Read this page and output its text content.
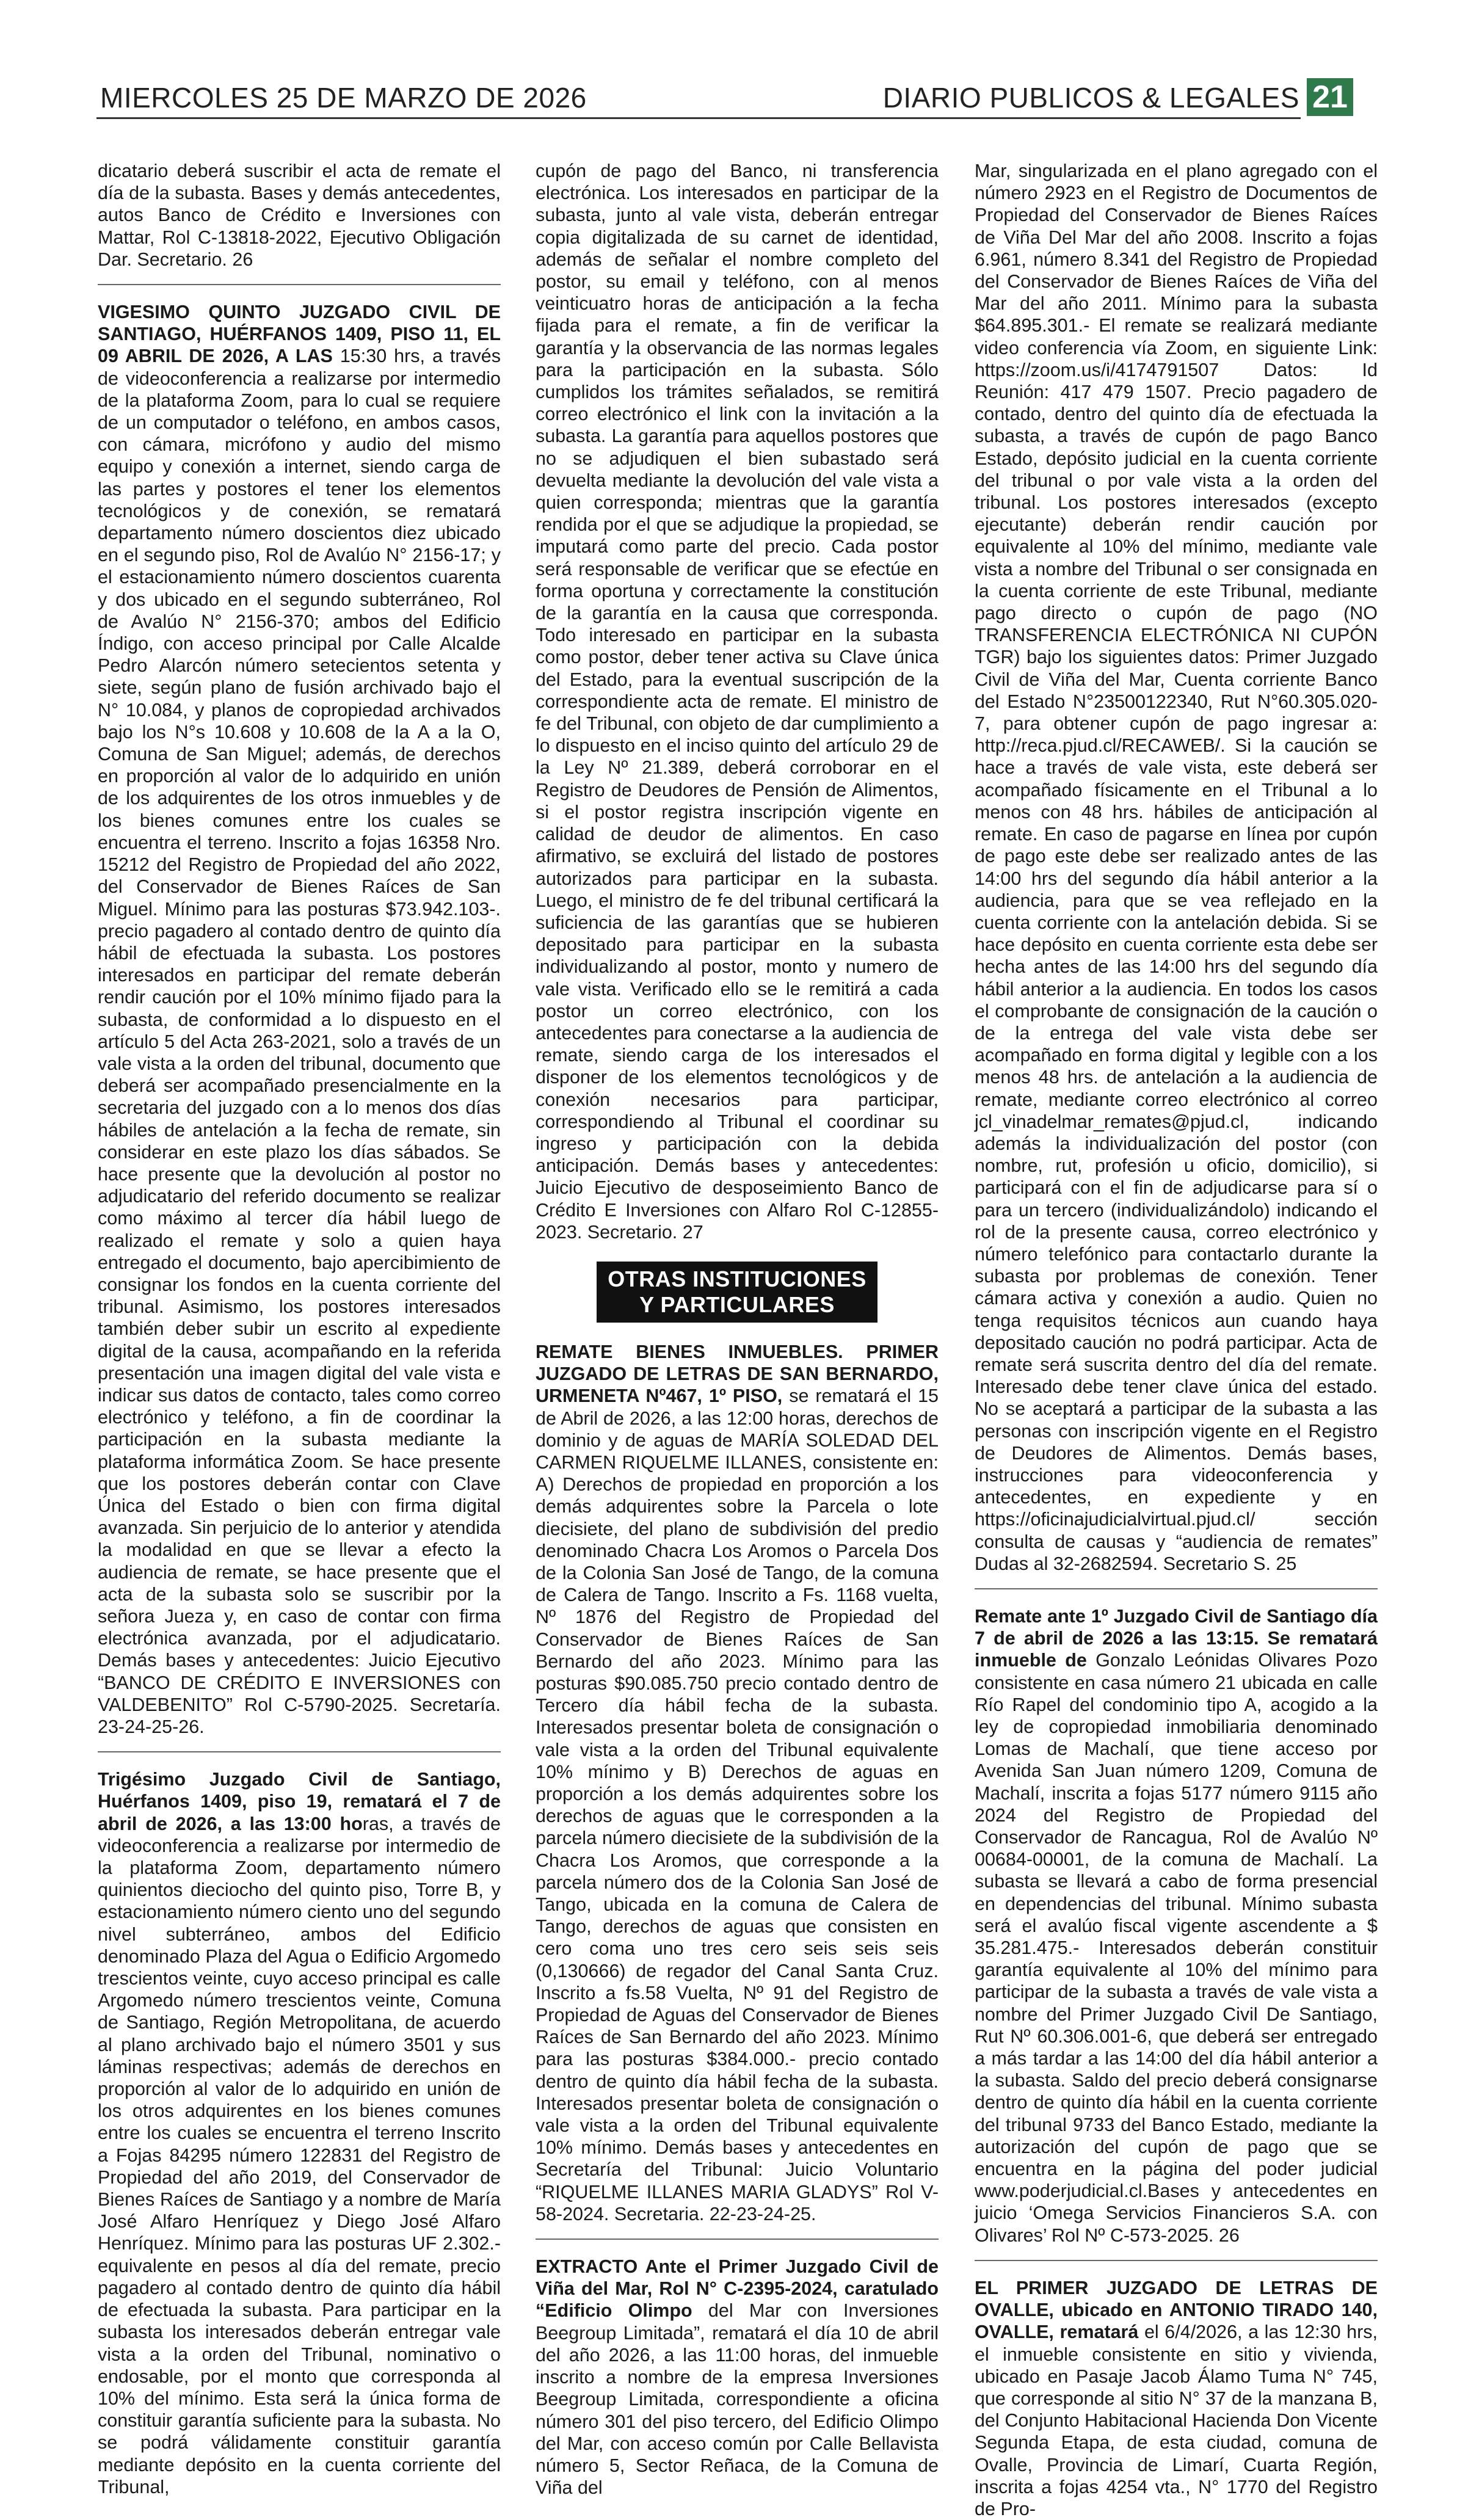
MIERCOLES 25 DE MARZO DE 2026	DIARIO PUBLICOS & LEGALES 21

dicatario deberá suscribir el acta de remate el día de la subasta. Bases y demás antecedentes, autos Banco de Crédito e Inversiones con Mattar, Rol C-13818-2022, Ejecutivo Obligación Dar. Secretario. 26

VIGESIMO QUINTO JUZGADO CIVIL DE SANTIAGO, HUÉRFANOS 1409, PISO 11, EL 09 ABRIL DE 2026, A LAS 15:30 hrs, a través de videoconferencia a realizarse por intermedio de la plataforma Zoom, para lo cual se requiere de un computador o teléfono, en ambos casos, con cámara, micrófono y audio del mismo equipo y conexión a internet, siendo carga de las partes y postores el tener los elementos tecnológicos y de conexión, se rematará departamento número doscientos diez ubicado en el segundo piso, Rol de Avalúo N° 2156-17; y el estacionamiento número doscientos cuarenta y dos ubicado en el segundo subterráneo, Rol de Avalúo N° 2156-370; ambos del Edificio Índigo, con acceso principal por Calle Alcalde Pedro Alarcón número setecientos setenta y siete, según plano de fusión archivado bajo el N° 10.084, y planos de copropiedad archivados bajo los N°s 10.608 y 10.608 de la A a la O, Comuna de San Miguel; además, de derechos en proporción al valor de lo adquirido en unión de los adquirentes de los otros inmuebles y de los bienes comunes entre los cuales se encuentra el terreno. Inscrito a fojas 16358 Nro. 15212 del Registro de Propiedad del año 2022, del Conservador de Bienes Raíces de San Miguel. Mínimo para las posturas $73.942.103-. precio pagadero al contado dentro de quinto día hábil de efectuada la subasta. Los postores interesados en participar del remate deberán rendir caución por el 10% mínimo fijado para la subasta, de conformidad a lo dispuesto en el artículo 5 del Acta 263-2021, solo a través de un vale vista a la orden del tribunal, documento que deberá ser acompañado presencialmente en la secretaria del juzgado con a lo menos dos días hábiles de antelación a la fecha de remate, sin considerar en este plazo los días sábados. Se hace presente que la devolución al postor no adjudicatario del referido documento se realizar como máximo al tercer día hábil luego de realizado el remate y solo a quien haya entregado el documento, bajo apercibimiento de consignar los fondos en la cuenta corriente del tribunal. Asimismo, los postores interesados también deber subir un escrito al expediente digital de la causa, acompañando en la referida presentación una imagen digital del vale vista e indicar sus datos de contacto, tales como correo electrónico y teléfono, a fin de coordinar la participación en la subasta mediante la plataforma informática Zoom. Se hace presente que los postores deberán contar con Clave Única del Estado o bien con firma digital avanzada. Sin perjuicio de lo anterior y atendida la modalidad en que se llevar a efecto la audiencia de remate, se hace presente que el acta de la subasta solo se suscribir por la señora Jueza y, en caso de contar con firma electrónica avanzada, por el adjudicatario. Demás bases y antecedentes: Juicio Ejecutivo “BANCO DE CRÉDITO E INVERSIONES con VALDEBENITO” Rol C-5790-2025. Secretaría. 23-24-25-26.

Trigésimo Juzgado Civil de Santiago, Huérfanos 1409, piso 19, rematará el 7 de abril de 2026, a las 13:00 horas, a través de videoconferencia a realizarse por intermedio de la plataforma Zoom, departamento número quinientos dieciocho del quinto piso, Torre B, y estacionamiento número ciento uno del segundo nivel subterráneo, ambos del Edificio denominado Plaza del Agua o Edificio Argomedo trescientos veinte, cuyo acceso principal es calle Argomedo número trescientos veinte, Comuna de Santiago, Región Metropolitana, de acuerdo al plano archivado bajo el número 3501 y sus láminas respectivas; además de derechos en proporción al valor de lo adquirido en unión de los otros adquirentes en los bienes comunes entre los cuales se encuentra el terreno Inscrito a Fojas 84295 número 122831 del Registro de Propiedad del año 2019, del Conservador de Bienes Raíces de Santiago y a nombre de María José Alfaro Henríquez y Diego José Alfaro Henríquez. Mínimo para las posturas UF 2.302.- equivalente en pesos al día del remate, precio pagadero al contado dentro de quinto día hábil de efectuada la subasta. Para participar en la subasta los interesados deberán entregar vale vista a la orden del Tribunal, nominativo o endosable, por el monto que corresponda al 10% del mínimo. Esta será la única forma de constituir garantía suficiente para la subasta. No se podrá válidamente constituir garantía mediante depósito en la cuenta corriente del Tribunal,

cupón de pago del Banco, ni transferencia electrónica. Los interesados en participar de la subasta, junto al vale vista, deberán entregar copia digitalizada de su carnet de identidad, además de señalar el nombre completo del postor, su email y teléfono, con al menos veinticuatro horas de anticipación a la fecha fijada para el remate, a fin de verificar la garantía y la observancia de las normas legales para la participación en la subasta. Sólo cumplidos los trámites señalados, se remitirá correo electrónico el link con la invitación a la subasta. La garantía para aquellos postores que no se adjudiquen el bien subastado será devuelta mediante la devolución del vale vista a quien corresponda; mientras que la garantía rendida por el que se adjudique la propiedad, se imputará como parte del precio. Cada postor será responsable de verificar que se efectúe en forma oportuna y correctamente la constitución de la garantía en la causa que corresponda. Todo interesado en participar en la subasta como postor, deber tener activa su Clave única del Estado, para la eventual suscripción de la correspondiente acta de remate. El ministro de fe del Tribunal, con objeto de dar cumplimiento a lo dispuesto en el inciso quinto del artículo 29 de la Ley Nº 21.389, deberá corroborar en el Registro de Deudores de Pensión de Alimentos, si el postor registra inscripción vigente en calidad de deudor de alimentos. En caso afirmativo, se excluirá del listado de postores autorizados para participar en la subasta. Luego, el ministro de fe del tribunal certificará la suficiencia de las garantías que se hubieren depositado para participar en la subasta individualizando al postor, monto y numero de vale vista. Verificado ello se le remitirá a cada postor un correo electrónico, con los antecedentes para conectarse a la audiencia de remate, siendo carga de los interesados el disponer de los elementos tecnológicos y de conexión necesarios para participar, correspondiendo al Tribunal el coordinar su ingreso y participación con la debida anticipación. Demás bases y antecedentes: Juicio Ejecutivo de desposeimiento Banco de Crédito E Inversiones con Alfaro Rol C-12855-2023. Secretario. 27

OTRAS INSTITUCIONES
Y PARTICULARES

REMATE BIENES INMUEBLES. PRIMER JUZGADO DE LETRAS DE SAN BERNARDO, URMENETA Nº467, 1º PISO, se rematará el 15 de Abril de 2026, a las 12:00 horas, derechos de dominio y de aguas de MARÍA SOLEDAD DEL CARMEN RIQUELME ILLANES, consistente en: A) Derechos de propiedad en proporción a los demás adquirentes sobre la Parcela o lote diecisiete, del plano de subdivisión del predio denominado Chacra Los Aromos o Parcela Dos de la Colonia San José de Tango, de la comuna de Calera de Tango. Inscrito a Fs. 1168 vuelta, Nº 1876 del Registro de Propiedad del Conservador de Bienes Raíces de San Bernardo del año 2023. Mínimo para las posturas $90.085.750 precio contado dentro de Tercero día hábil fecha de la subasta. Interesados presentar boleta de consignación o vale vista a la orden del Tribunal equivalente 10% mínimo y B) Derechos de aguas en proporción a los demás adquirentes sobre los derechos de aguas que le corresponden a la parcela número diecisiete de la subdivisión de la Chacra Los Aromos, que corresponde a la parcela número dos de la Colonia San José de Tango, ubicada en la comuna de Calera de Tango, derechos de aguas que consisten en cero coma uno tres cero seis seis seis (0,130666) de regador del Canal Santa Cruz. Inscrito a fs.58 Vuelta, Nº 91 del Registro de Propiedad de Aguas del Conservador de Bienes Raíces de San Bernardo del año 2023. Mínimo para las posturas $384.000.- precio contado dentro de quinto día hábil fecha de la subasta. Interesados presentar boleta de consignación o vale vista a la orden del Tribunal equivalente 10% mínimo. Demás bases y antecedentes en Secretaría del Tribunal: Juicio Voluntario “RIQUELME ILLANES MARIA GLADYS” Rol V-58-2024. Secretaria. 22-23-24-25.

EXTRACTO Ante el Primer Juzgado Civil de Viña del Mar, Rol N° C-2395-2024, caratulado “Edificio Olimpo del Mar con Inversiones Beegroup Limitada”, rematará el día 10 de abril del año 2026, a las 11:00 horas, del inmueble inscrito a nombre de la empresa Inversiones Beegroup Limitada, correspondiente a oficina número 301 del piso tercero, del Edificio Olimpo del Mar, con acceso común por Calle Bellavista número 5, Sector Reñaca, de la Comuna de Viña del

Mar, singularizada en el plano agregado con el número 2923 en el Registro de Documentos de Propiedad del Conservador de Bienes Raíces de Viña Del Mar del año 2008. Inscrito a fojas 6.961, número 8.341 del Registro de Propiedad del Conservador de Bienes Raíces de Viña del Mar del año 2011. Mínimo para la subasta $64.895.301.- El remate se realizará mediante video conferencia vía Zoom, en siguiente Link: https://zoom.us/i/4174791507 Datos: Id Reunión: 417 479 1507. Precio pagadero de contado, dentro del quinto día de efectuada la subasta, a través de cupón de pago Banco Estado, depósito judicial en la cuenta corriente del tribunal o por vale vista a la orden del tribunal. Los postores interesados (excepto ejecutante) deberán rendir caución por equivalente al 10% del mínimo, mediante vale vista a nombre del Tribunal o ser consignada en la cuenta corriente de este Tribunal, mediante pago directo o cupón de pago (NO TRANSFERENCIA ELECTRÓNICA NI CUPÓN TGR) bajo los siguientes datos: Primer Juzgado Civil de Viña del Mar, Cuenta corriente Banco del Estado N°23500122340, Rut N°60.305.020-7, para obtener cupón de pago ingresar a: http://reca.pjud.cl/RECAWEB/. Si la caución se hace a través de vale vista, este deberá ser acompañado físicamente en el Tribunal a lo menos con 48 hrs. hábiles de anticipación al remate. En caso de pagarse en línea por cupón de pago este debe ser realizado antes de las 14:00 hrs del segundo día hábil anterior a la audiencia, para que se vea reflejado en la cuenta corriente con la antelación debida. Si se hace depósito en cuenta corriente esta debe ser hecha antes de las 14:00 hrs del segundo día hábil anterior a la audiencia. En todos los casos el comprobante de consignación de la caución o de la entrega del vale vista debe ser acompañado en forma digital y legible con a los menos 48 hrs. de antelación a la audiencia de remate, mediante correo electrónico al correo jcl_vinadelmar_remates@pjud.cl, indicando además la individualización del postor (con nombre, rut, profesión u oficio, domicilio), si participará con el fin de adjudicarse para sí o para un tercero (individualizándolo) indicando el rol de la presente causa, correo electrónico y número telefónico para contactarlo durante la subasta por problemas de conexión. Tener cámara activa y conexión a audio. Quien no tenga requisitos técnicos aun cuando haya depositado caución no podrá participar. Acta de remate será suscrita dentro del día del remate. Interesado debe tener clave única del estado. No se aceptará a participar de la subasta a las personas con inscripción vigente en el Registro de Deudores de Alimentos. Demás bases, instrucciones para videoconferencia y antecedentes, en expediente y en https://oficinajudicialvirtual.pjud.cl/ sección consulta de causas y “audiencia de remates” Dudas al 32-2682594. Secretario S. 25

Remate ante 1º Juzgado Civil de Santiago día 7 de abril de 2026 a las 13:15. Se rematará inmueble de Gonzalo Leónidas Olivares Pozo consistente en casa número 21 ubicada en calle Río Rapel del condominio tipo A, acogido a la ley de copropiedad inmobiliaria denominado Lomas de Machalí, que tiene acceso por Avenida San Juan número 1209, Comuna de Machalí, inscrita a fojas 5177 número 9115 año 2024 del Registro de Propiedad del Conservador de Rancagua, Rol de Avalúo Nº 00684-00001, de la comuna de Machalí. La subasta se llevará a cabo de forma presencial en dependencias del tribunal. Mínimo subasta será el avalúo fiscal vigente ascendente a $ 35.281.475.- Interesados deberán constituir garantía equivalente al 10% del mínimo para participar de la subasta a través de vale vista a nombre del Primer Juzgado Civil De Santiago, Rut Nº 60.306.001-6, que deberá ser entregado a más tardar a las 14:00 del día hábil anterior a la subasta. Saldo del precio deberá consignarse dentro de quinto día hábil en la cuenta corriente del tribunal 9733 del Banco Estado, mediante la autorización del cupón de pago que se encuentra en la página del poder judicial www.poderjudicial.cl.Bases y antecedentes en juicio ‘Omega Servicios Financieros S.A. con Olivares’ Rol Nº C-573-2025. 26

EL PRIMER JUZGADO DE LETRAS DE OVALLE, ubicado en ANTONIO TIRADO 140, OVALLE, rematará el 6/4/2026, a las 12:30 hrs, el inmueble consistente en sitio y vivienda, ubicado en Pasaje Jacob Álamo Tuma N° 745, que corresponde al sitio N° 37 de la manzana B, del Conjunto Habitacional Hacienda Don Vicente Segunda Etapa, de esta ciudad, comuna de Ovalle, Provincia de Limarí, Cuarta Región, inscrita a fojas 4254 vta., N° 1770 del Registro de Pro-
